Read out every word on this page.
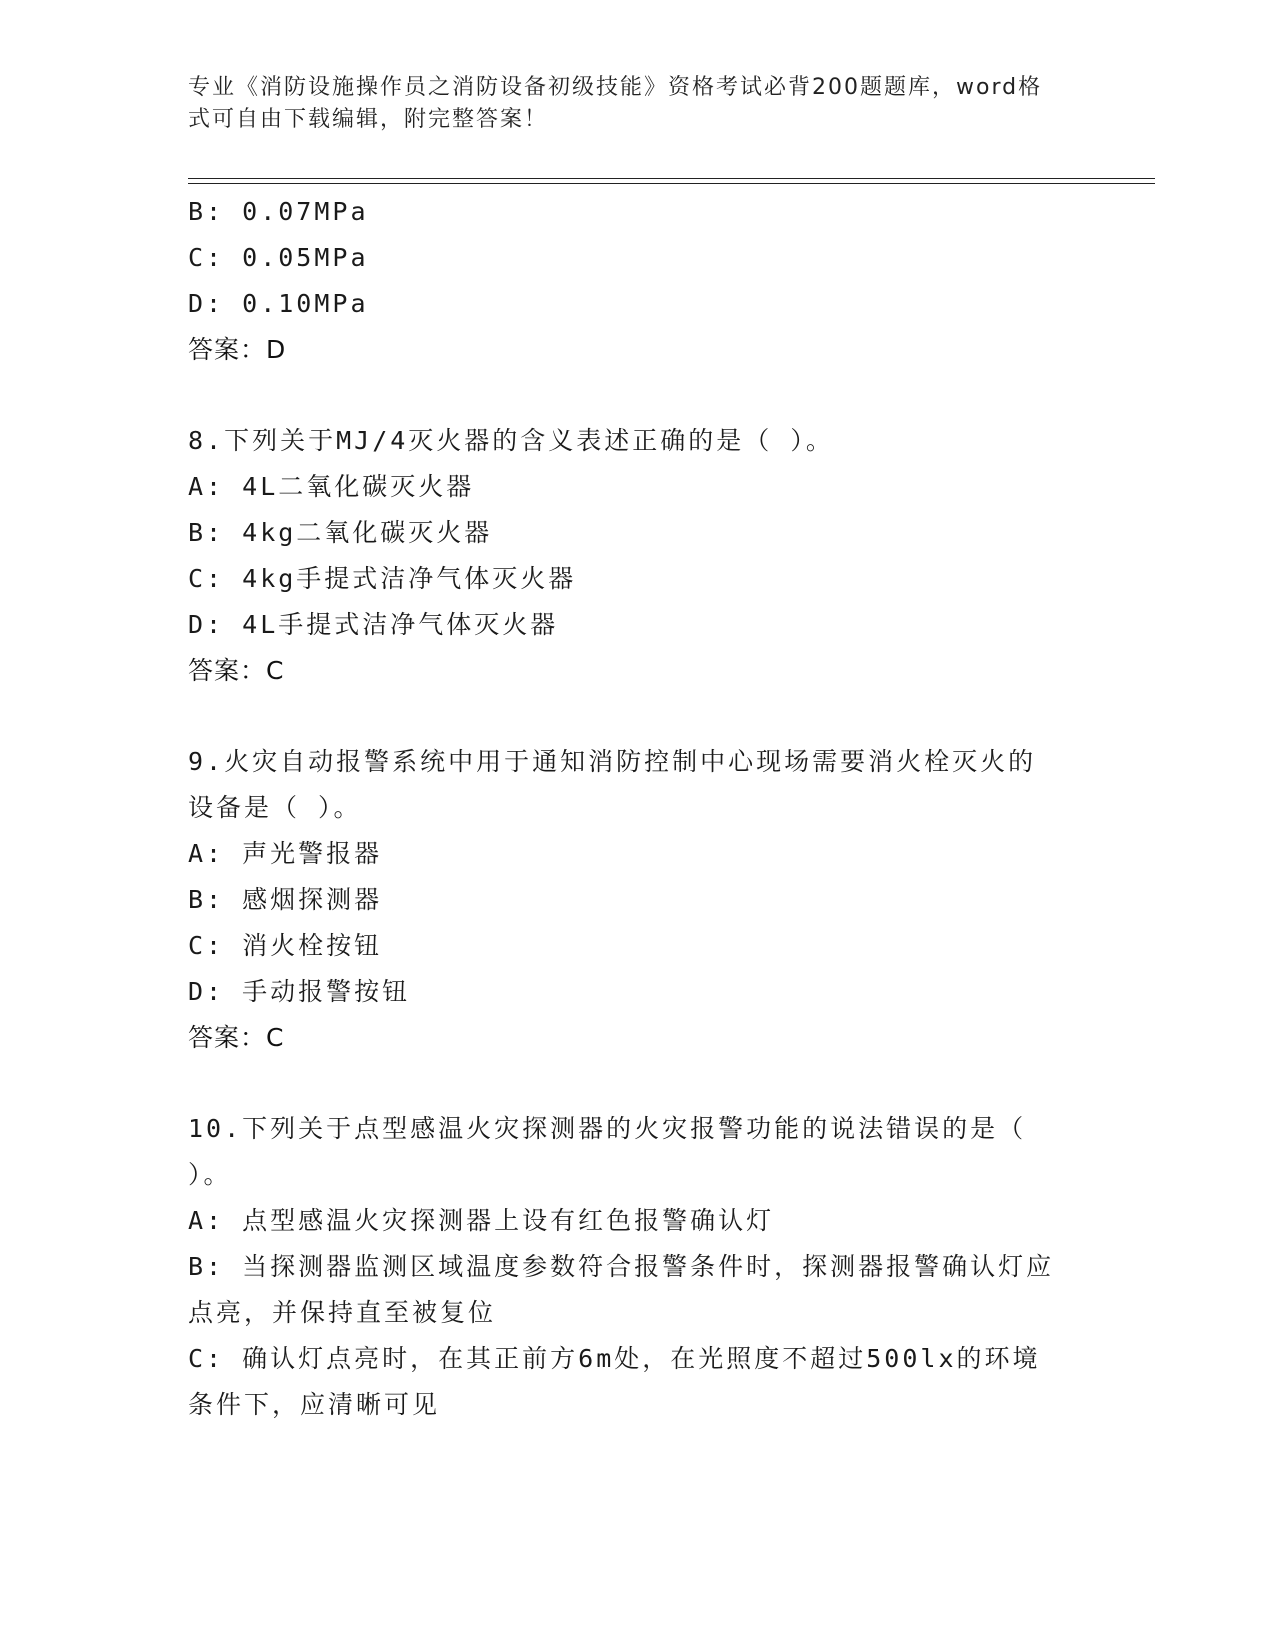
专业《消防设施操作员之消防设备初级技能》资格考试必背200题题库，word格
式可自由下载编辑，附完整答案！
B: 0.07MPa
C: 0.05MPa
D: 0.10MPa
答案：D
8.下列关于MJ/4灭火器的含义表述正确的是（ ）。
A: 4L二氧化碳灭火器
B: 4kg二氧化碳灭火器
C: 4kg手提式洁净气体灭火器
D: 4L手提式洁净气体灭火器
答案：C
9.火灾自动报警系统中用于通知消防控制中心现场需要消火栓灭火的
设备是（ ）。
A: 声光警报器
B: 感烟探测器
C: 消火栓按钮
D: 手动报警按钮
答案：C
10.下列关于点型感温火灾探测器的火灾报警功能的说法错误的是（
）。
A: 点型感温火灾探测器上设有红色报警确认灯
B: 当探测器监测区域温度参数符合报警条件时，探测器报警确认灯应
点亮，并保持直至被复位
C: 确认灯点亮时，在其正前方6m处，在光照度不超过500lx的环境
条件下，应清晰可见
